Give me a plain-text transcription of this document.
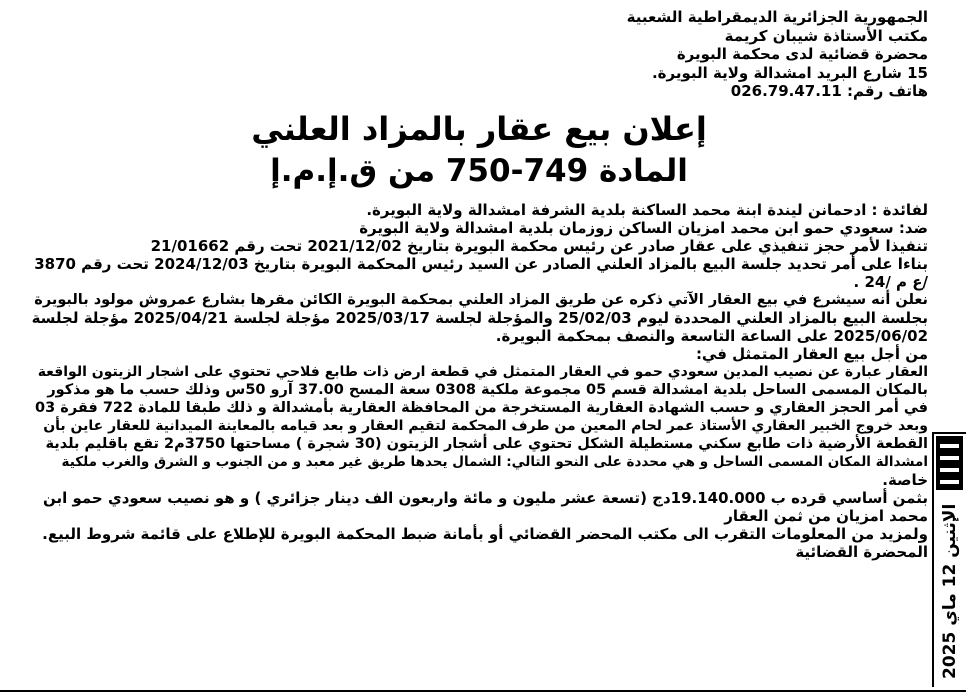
الجمهورية الجزائرية الديمقراطية الشعبية
مكتب الأستاذة شيبان كريمة
محضرة قضائية لدى محكمة البويرة
15 شارع البريد امشدالة ولاية البويرة.
هاتف رقم: 026.79.47.11
إعلان بيع عقار بالمزاد العلني
المادة 749-750 من ق.إ.م.إ
لفائدة : ادحمانن ليندة ابنة محمد الساكنة بلدية الشرفة امشدالة ولاية البويرة.
ضد: سعودي حمو ابن محمد امزيان الساكن زوزمان بلدية امشدالة ولاية البويرة
تنفيذا لأمر حجز تنفيذي على عقار صادر عن رئيس محكمة البويرة بتاريخ 2021/12/02 تحت رقم 21/01662
بناءا على أمر تحديد جلسة البيع بالمزاد العلني الصادر عن السيد رئيس المحكمة البويرة بتاريخ 2024/12/03 تحت رقم 3870
/ع م /24 .
نعلن أنه سيشرع في بيع العقار الآتي ذكره عن طريق المزاد العلني بمحكمة البويرة الكائن مقرها بشارع عمروش مولود بالبويرة
بجلسة البيع بالمزاد العلني المحددة ليوم 25/02/03 والمؤجلة لجلسة 2025/03/17 مؤجلة لجلسة 2025/04/21 مؤجلة لجلسة
2025/06/02 على الساعة التاسعة والنصف بمحكمة البويرة.
من أجل بيع العقار المتمثل في:
العقار عبارة عن نصيب المدين سعودي حمو في العقار المتمثل في قطعة ارض ذات طابع فلاحي تحتوي على اشجار الزيتون الواقعة
بالمكان المسمى الساحل بلدية امشدالة قسم 05 مجموعة ملكية 0308 سعة المسح 37.00 آرو 50س وذلك حسب ما هو مذكور
في أمر الحجز العقاري و حسب الشهادة العقارية المستخرجة من المحافظة العقارية بأمشدالة و ذلك طبقا للمادة 722 فقرة 03
وبعد خروج الخبير العقاري الأستاذ عمر لحام المعين من طرف المحكمة لتقيم العقار و بعد قيامه بالمعاينة الميدانية للعقار عاين بأن
القطعة الأرضية ذات طابع سكني مستطيلة الشكل تحتوي على أشجار الزيتون (30 شجرة ) مساحتها 3750م2 تقع باقليم بلدية
امشدالة المكان المسمى الساحل و هي محددة على النحو التالي: الشمال يحدها طريق غير معبد و من الجنوب و الشرق والغرب ملكية
خاصة.
بثمن أساسي قرده ب 19.140.000دج (تسعة عشر مليون و مائة واربعون الف دينار جزائري ) و هو نصيب سعودي حمو ابن
محمد امزيان من ثمن العقار
ولمزيد من المعلومات التقرب الى مكتب المحضر القضائي أو بأمانة ضبط المحكمة البويرة للإطلاع على قائمة شروط البيع.
المحضرة القضائية
الإثنين 12 ماي 2025
